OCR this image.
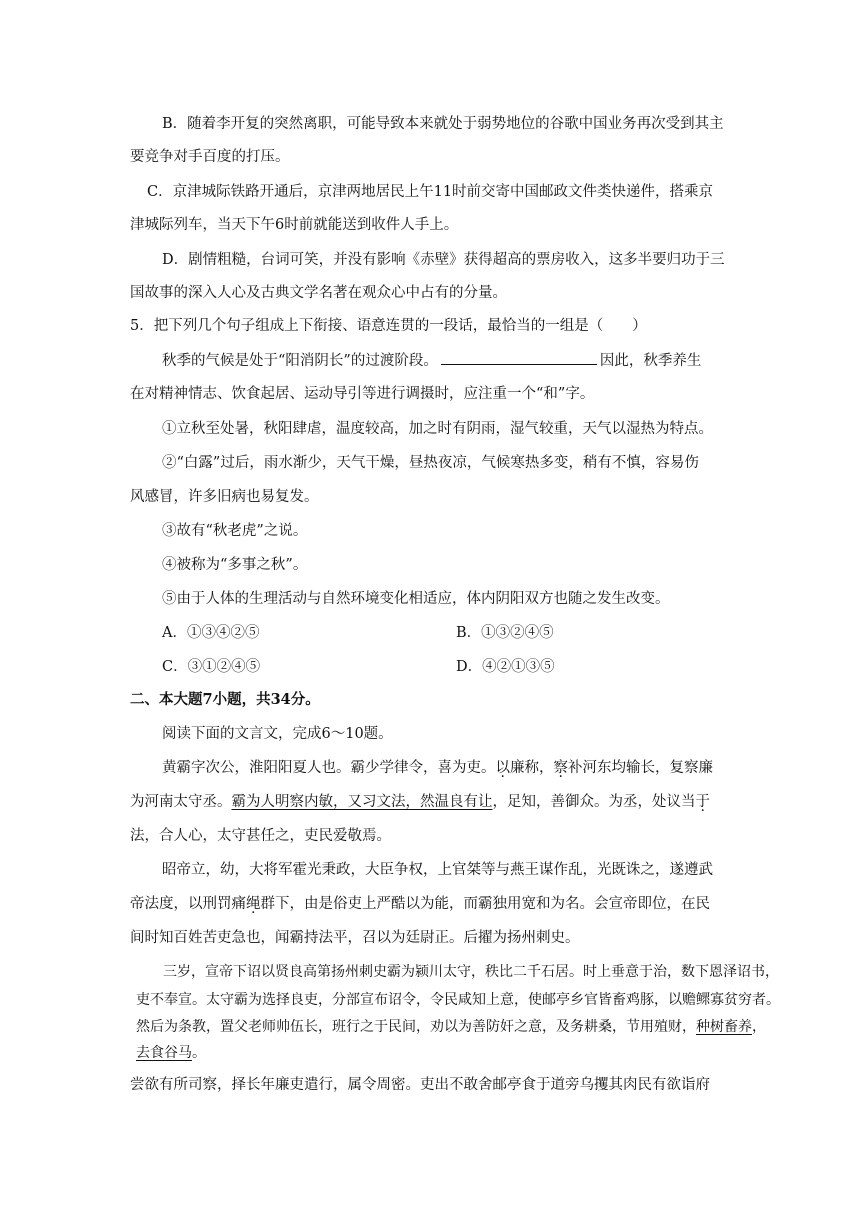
B．随着李开复的突然离职，可能导致本来就处于弱势地位的谷歌中国业务再次受到其主
要竞争对手百度的打压。
C．京津城际铁路开通后，京津两地居民上午11时前交寄中国邮政文件类快递件，搭乘京
津城际列车，当天下午6时前就能送到收件人手上。
D．剧情粗糙，台词可笑，并没有影响《赤壁》获得超高的票房收入，这多半要归功于三
国故事的深入人心及古典文学名著在观众心中占有的分量。
5．把下列几个句子组成上下衔接、语意连贯的一段话，最恰当的一组是（　　）
秋季的气候是处于“阳消阴长”的过渡阶段。	因此，秋季养生
在对精神情志、饮食起居、运动导引等进行调摄时，应注重一个“和”字。
①立秋至处暑，秋阳肆虐，温度较高，加之时有阴雨，湿气较重，天气以湿热为特点。
②“白露”过后，雨水渐少，天气干燥，昼热夜凉，气候寒热多变，稍有不慎，容易伤
风感冒，许多旧病也易复发。
③故有“秋老虎”之说。
④被称为“多事之秋”。
⑤由于人体的生理活动与自然环境变化相适应，体内阴阳双方也随之发生改变。
A．①③④②⑤	B．①③②④⑤
C．③①②④⑤	D．④②①③⑤
二、本大题7小题，共34分。
阅读下面的文言文，完成6～10题。
黄霸字次公，淮阳阳夏人也。霸少学律令，喜为吏。以廉称，察补河东均输长，复察廉
为河南太守丞。霸为人明察内敏，又习文法，然温良有让，足知，善御众。为丞，处议当于
法，合人心，太守甚任之，吏民爱敬焉。
昭帝立，幼，大将军霍光秉政，大臣争权，上官桀等与燕王谋作乱，光既诛之，遂遵武
帝法度，以刑罚痛绳群下，由是俗吏上严酷以为能，而霸独用宽和为名。会宣帝即位，在民
间时知百姓苦吏急也，闻霸持法平，召以为廷尉正。后擢为扬州刺史。
三岁，宣帝下诏以贤良高第扬州刺史霸为颍川太守，秩比二千石居。时上垂意于治，数下恩泽诏书，
吏不奉宣。太守霸为选择良吏，分部宣布诏令，令民咸知上意，使邮亭乡官皆畜鸡豚，以赡鳏寡贫穷者。
然后为条教，置父老师帅伍长，班行之于民间，劝以为善防奸之意，及务耕桑，节用殖财，种树畜养，
去食谷马。
尝欲有所司察，择长年廉吏遣行，属令周密。吏出不敢舍邮亭食于道旁乌攫其肉民有欲诣府
